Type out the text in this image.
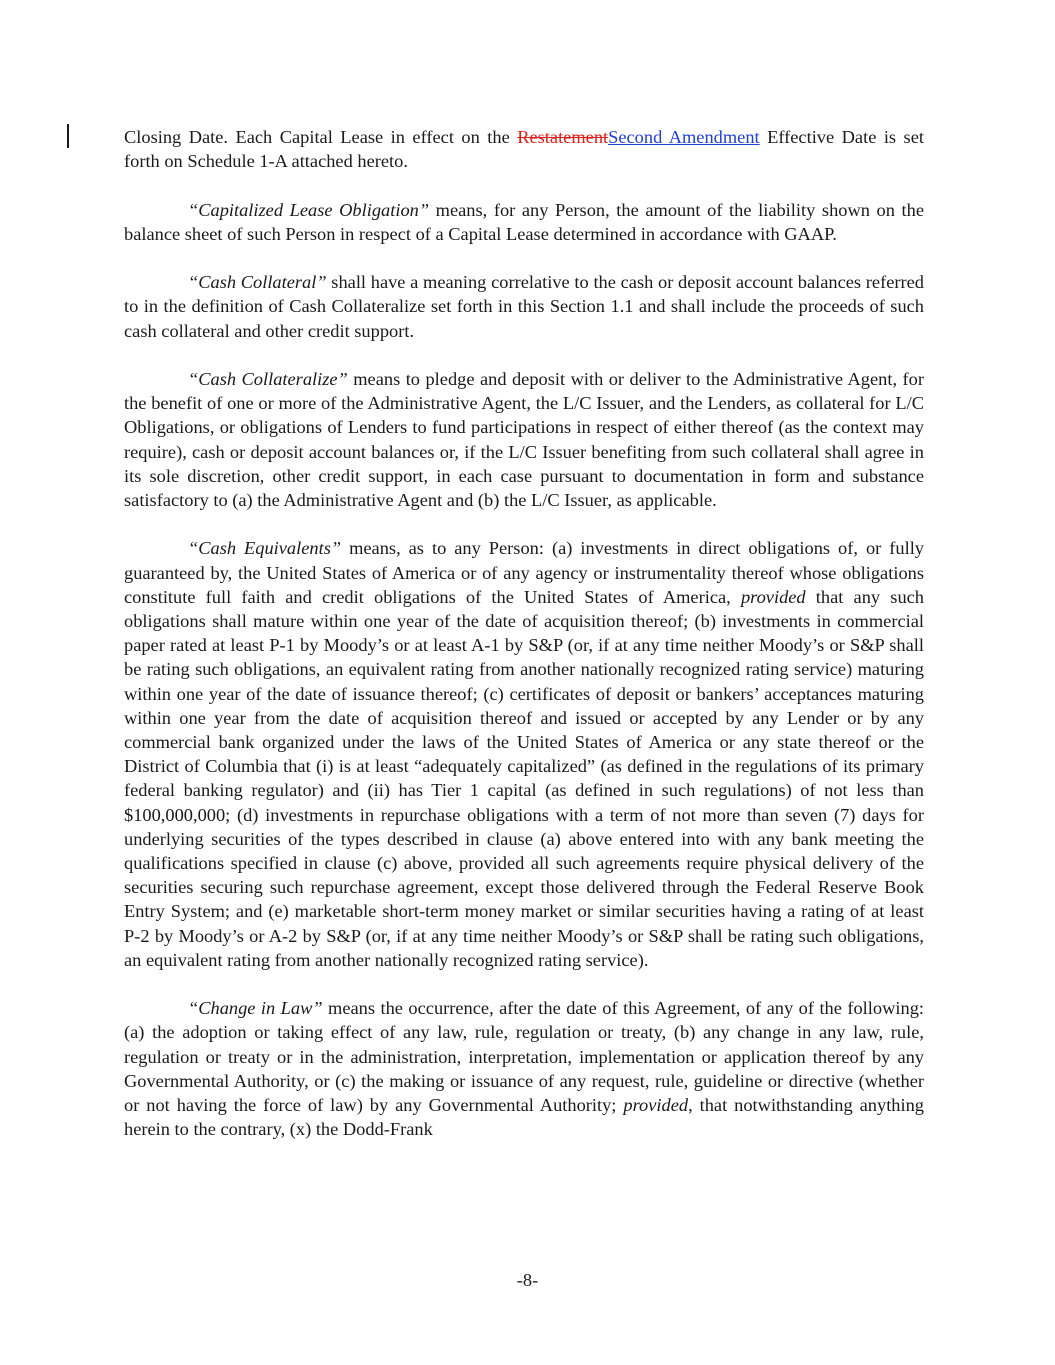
Closing Date. Each Capital Lease in effect on the RestatementSecond Amendment Effective Date is set forth on Schedule 1-A attached hereto.

“Capitalized Lease Obligation” means, for any Person, the amount of the liability shown on the balance sheet of such Person in respect of a Capital Lease determined in accordance with GAAP.

“Cash Collateral” shall have a meaning correlative to the cash or deposit account balances referred to in the definition of Cash Collateralize set forth in this Section 1.1 and shall include the proceeds of such cash collateral and other credit support.

“Cash Collateralize” means to pledge and deposit with or deliver to the Administrative Agent, for the benefit of one or more of the Administrative Agent, the L/C Issuer, and the Lenders, as collateral for L/C Obligations, or obligations of Lenders to fund participations in respect of either thereof (as the context may require), cash or deposit account balances or, if the L/C Issuer benefiting from such collateral shall agree in its sole discretion, other credit support, in each case pursuant to documentation in form and substance satisfactory to (a) the Administrative Agent and (b) the L/C Issuer, as applicable.

“Cash Equivalents” means, as to any Person: (a) investments in direct obligations of, or fully guaranteed by, the United States of America or of any agency or instrumentality thereof whose obligations constitute full faith and credit obligations of the United States of America, provided that any such obligations shall mature within one year of the date of acquisition thereof; (b) investments in commercial paper rated at least P-1 by Moody’s or at least A-1 by S&P (or, if at any time neither Moody’s or S&P shall be rating such obligations, an equivalent rating from another nationally recognized rating service) maturing within one year of the date of issuance thereof; (c) certificates of deposit or bankers’ acceptances maturing within one year from the date of acquisition thereof and issued or accepted by any Lender or by any commercial bank organized under the laws of the United States of America or any state thereof or the District of Columbia that (i) is at least “adequately capitalized” (as defined in the regulations of its primary federal banking regulator) and (ii) has Tier 1 capital (as defined in such regulations) of not less than $100,000,000; (d) investments in repurchase obligations with a term of not more than seven (7) days for underlying securities of the types described in clause (a) above entered into with any bank meeting the qualifications specified in clause (c) above, provided all such agreements require physical delivery of the securities securing such repurchase agreement, except those delivered through the Federal Reserve Book Entry System; and (e) marketable short-term money market or similar securities having a rating of at least P-2 by Moody’s or A-2 by S&P (or, if at any time neither Moody’s or S&P shall be rating such obligations, an equivalent rating from another nationally recognized rating service).

“Change in Law” means the occurrence, after the date of this Agreement, of any of the following: (a) the adoption or taking effect of any law, rule, regulation or treaty, (b) any change in any law, rule, regulation or treaty or in the administration, interpretation, implementation or application thereof by any Governmental Authority, or (c) the making or issuance of any request, rule, guideline or directive (whether or not having the force of law) by any Governmental Authority; provided, that notwithstanding anything herein to the contrary, (x) the Dodd-Frank

-8-
